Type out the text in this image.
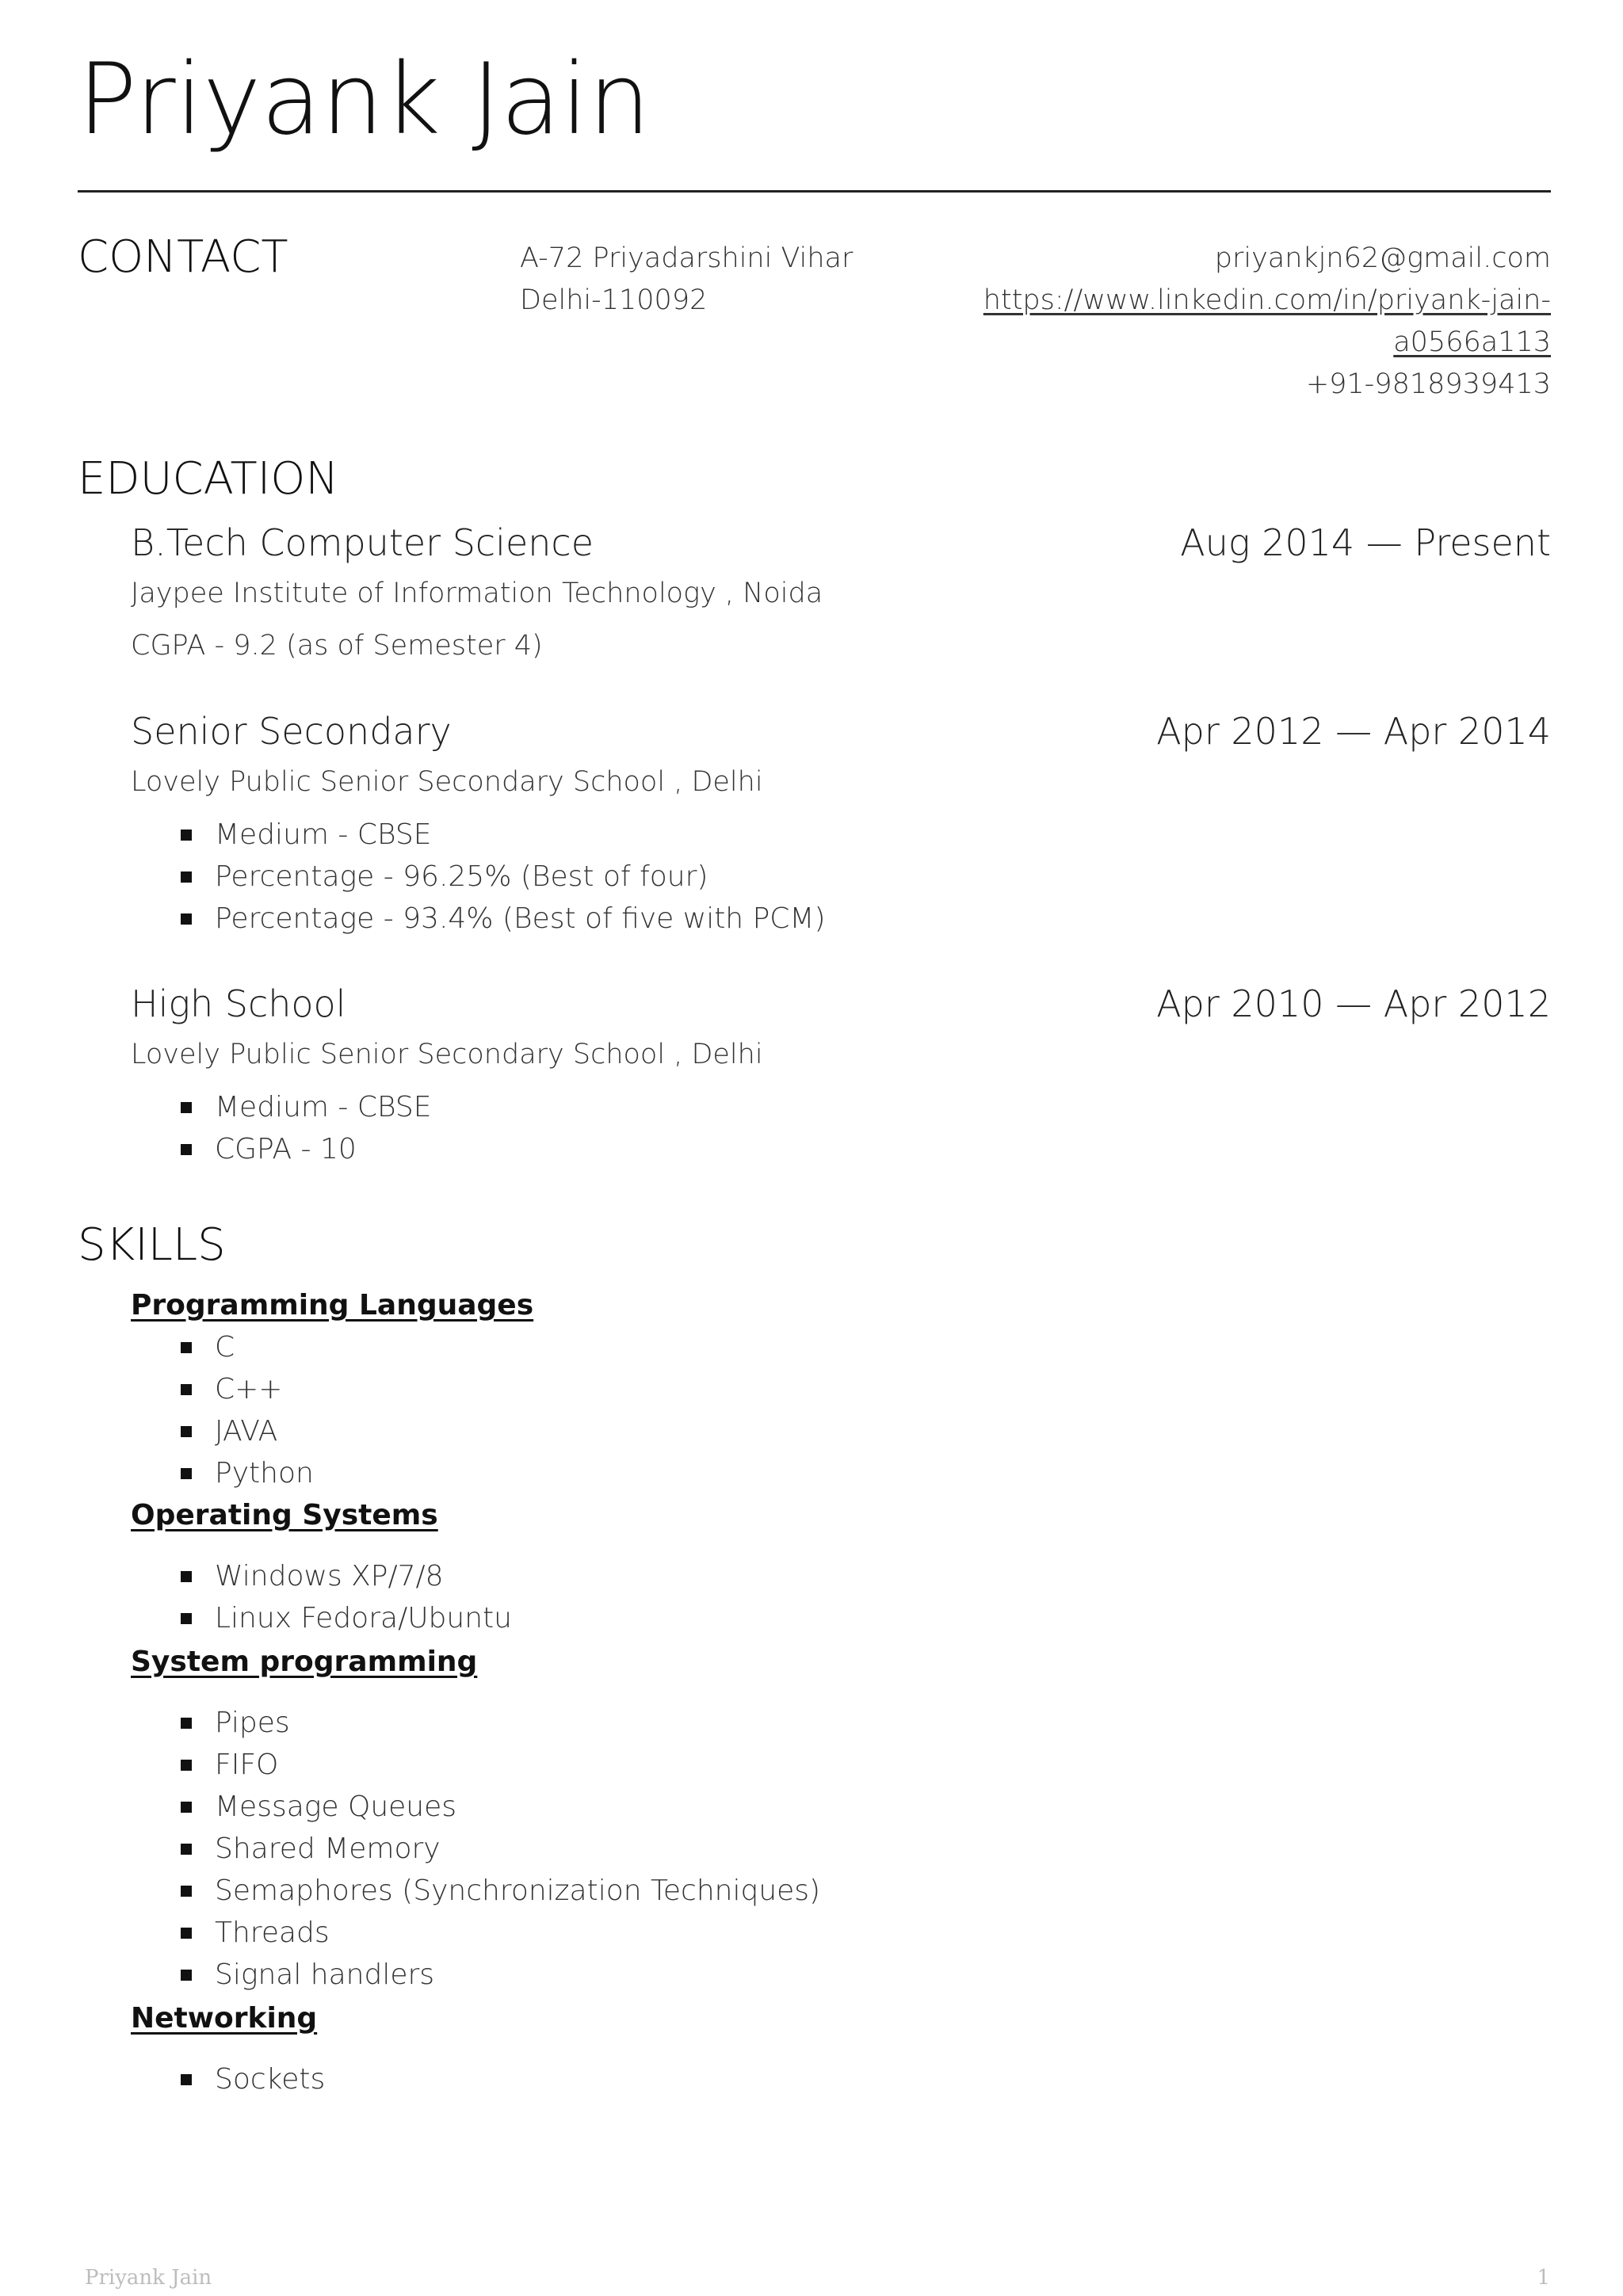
Priyank Jain
CONTACT	A-72 Priyadarshini Vihar
Delhi-110092
priyankjn62@gmail.com
https://www.linkedin.com/in/priyank-jain-
a0566a113
+91-9818939413
EDUCATION
B.Tech Computer Science	Aug 2014 — Present
Jaypee Institute of Information Technology , Noida
CGPA - 9.2 (as of Semester 4)
Senior Secondary	Apr 2012 — Apr 2014
Lovely Public Senior Secondary School , Delhi
Medium - CBSE
Percentage - 96.25% (Best of four)
Percentage - 93.4% (Best of five with PCM)
High School	Apr 2010 — Apr 2012
Lovely Public Senior Secondary School , Delhi
Medium - CBSE
CGPA - 10
SKILLS
Programming Languages
C
C++
JAVA
Python
Operating Systems
Windows XP/7/8
Linux Fedora/Ubuntu
System programming
Pipes
FIFO
Message Queues
Shared Memory
Semaphores (Synchronization Techniques)
Threads
Signal handlers
Networking
Sockets
Priyank Jain	1
